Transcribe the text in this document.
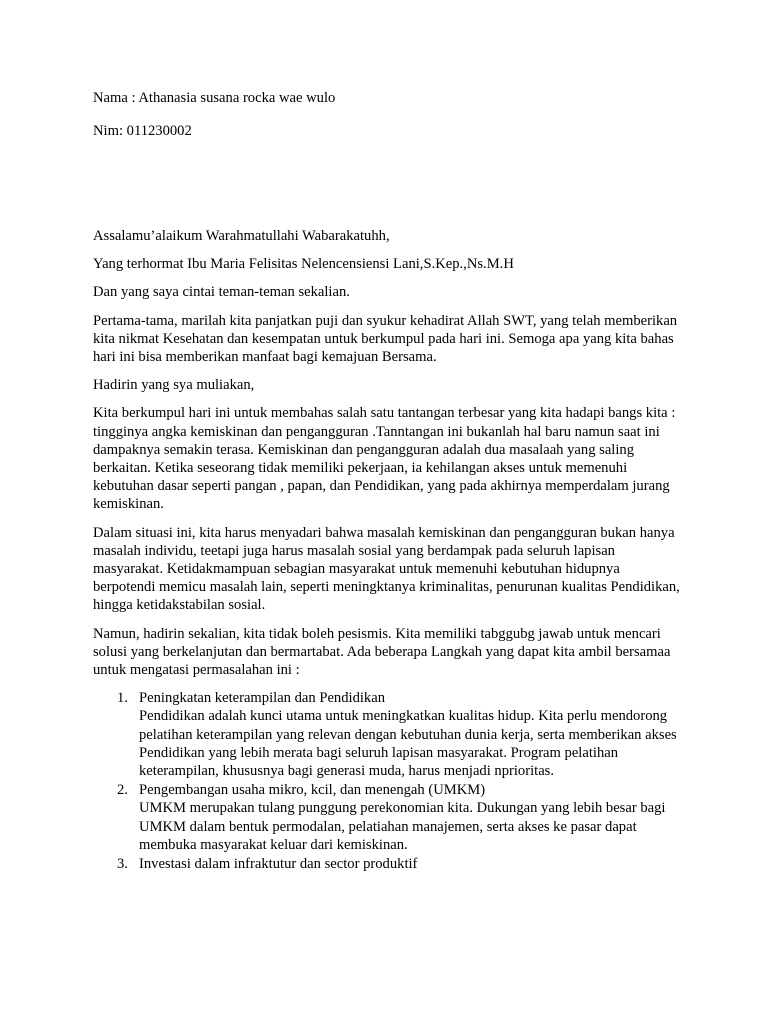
Nama : Athanasia susana rocka wae wulo

Nim: 011230002

Assalamu’alaikum Warahmatullahi Wabarakatuhh,

Yang terhormat Ibu Maria Felisitas Nelencensiensi Lani,S.Kep.,Ns.M.H

Dan yang saya cintai teman-teman sekalian.

Pertama-tama, marilah kita panjatkan puji dan syukur kehadirat Allah SWT, yang telah memberikan kita nikmat Kesehatan dan kesempatan untuk berkumpul pada hari ini. Semoga apa yang kita bahas hari ini bisa memberikan manfaat bagi kemajuan Bersama.

Hadirin yang sya muliakan,

Kita berkumpul hari ini untuk membahas salah satu tantangan terbesar yang kita hadapi bangs kita : tingginya angka kemiskinan dan pengangguran .Tanntangan ini bukanlah hal baru namun saat ini dampaknya semakin terasa. Kemiskinan dan pengangguran adalah dua masalaah yang saling berkaitan. Ketika seseorang tidak memiliki pekerjaan, ia kehilangan akses untuk memenuhi kebutuhan dasar seperti pangan , papan, dan Pendidikan, yang pada akhirnya memperdalam jurang kemiskinan.

Dalam situasi ini, kita harus menyadari bahwa masalah kemiskinan dan pengangguran bukan hanya masalah individu, teetapi juga harus masalah sosial yang berdampak pada seluruh lapisan masyarakat. Ketidakmampuan sebagian masyarakat untuk memenuhi kebutuhan hidupnya berpotendi memicu masalah lain, seperti meningktanya kriminalitas, penurunan kualitas Pendidikan, hingga ketidakstabilan sosial.

Namun, hadirin sekalian, kita tidak boleh pesismis. Kita memiliki tabggubg jawab untuk mencari solusi yang berkelanjutan dan bermartabat. Ada beberapa Langkah yang dapat kita ambil bersamaa untuk mengatasi permasalahan ini :

1. Peningkatan keterampilan dan Pendidikan
Pendidikan adalah kunci utama untuk meningkatkan kualitas hidup. Kita perlu mendorong pelatihan keterampilan yang relevan dengan kebutuhan dunia kerja, serta memberikan akses Pendidikan yang lebih merata bagi seluruh lapisan masyarakat. Program pelatihan keterampilan, khususnya bagi generasi muda, harus menjadi nprioritas.
2. Pengembangan usaha mikro, kcil, dan menengah (UMKM)
UMKM merupakan tulang punggung perekonomian kita. Dukungan yang lebih besar bagi UMKM dalam bentuk permodalan, pelatiahan manajemen, serta akses ke pasar dapat membuka masyarakat keluar dari kemiskinan.
3. Investasi dalam infraktutur dan sector produktif
